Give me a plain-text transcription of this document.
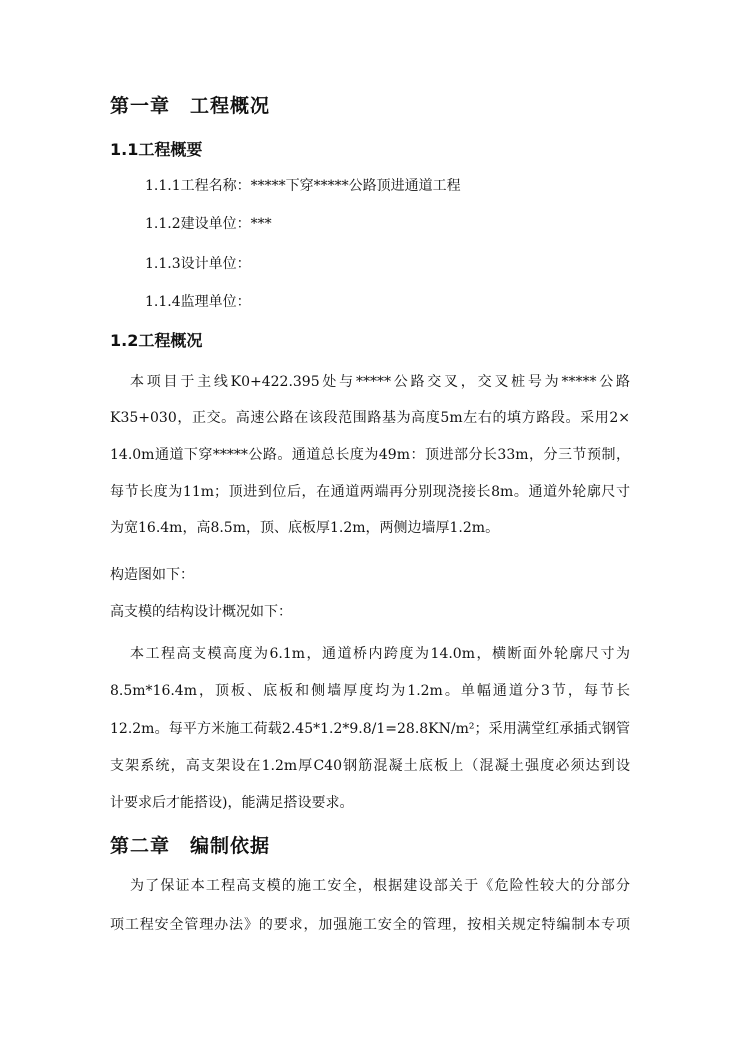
第一章　工程概况
1.1工程概要
1.1.1工程名称：*****下穿*****公路顶进通道工程
1.1.2建设单位：***
1.1.3设计单位：
1.1.4监理单位：
1.2工程概况
本项目于主线K0+422.395处与*****公路交叉，交叉桩号为*****公路
K35+030，正交。高速公路在该段范围路基为高度5m左右的填方路段。采用2×
14.0m通道下穿*****公路。通道总长度为49m：顶进部分长33m，分三节预制，
每节长度为11m；顶进到位后，在通道两端再分别现浇接长8m。通道外轮廓尺寸
为宽16.4m，高8.5m，顶、底板厚1.2m，两侧边墙厚1.2m。
构造图如下：
高支模的结构设计概况如下：
本工程高支模高度为6.1m，通道桥内跨度为14.0m，横断面外轮廓尺寸为
8.5m*16.4m，顶板、底板和侧墙厚度均为1.2m。单幅通道分3节，每节长
12.2m。每平方米施工荷载2.45*1.2*9.8/1=28.8KN/m²；采用满堂红承插式钢管
支架系统，高支架设在1.2m厚C40钢筋混凝土底板上（混凝土强度必须达到设
计要求后才能搭设)，能满足搭设要求。
第二章　编制依据
为了保证本工程高支模的施工安全，根据建设部关于《危险性较大的分部分
项工程安全管理办法》的要求，加强施工安全的管理，按相关规定特编制本专项
